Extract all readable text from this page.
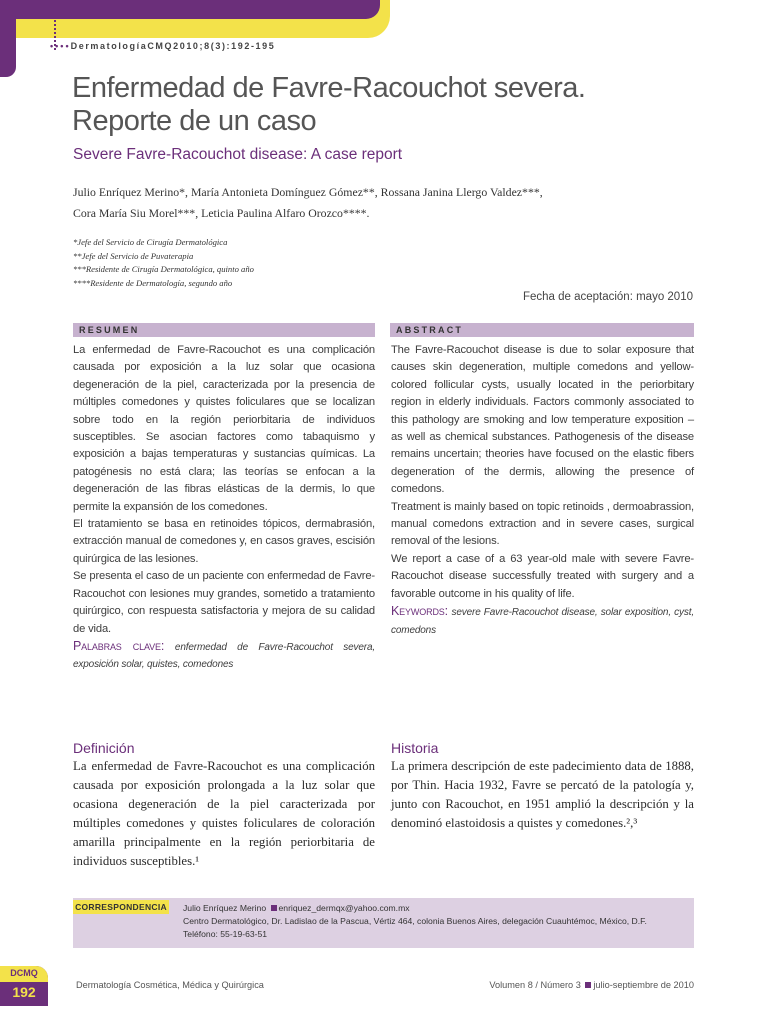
••••DermatologíaCMQ2010;8(3):192-195
Enfermedad de Favre-Racouchot severa.
Reporte de un caso
Severe Favre-Racouchot disease: A case report
Julio Enríquez Merino*, María Antonieta Domínguez Gómez**, Rossana Janina Llergo Valdez***,
Cora María Siu Morel***, Leticia Paulina Alfaro Orozco****.
*Jefe del Servicio de Cirugía Dermatológica
**Jefe del Servicio de Puvaterapia
***Residente de Cirugía Dermatológica, quinto año
****Residente de Dermatología, segundo año
Fecha de aceptación: mayo 2010
RESUMEN

La enfermedad de Favre-Racouchot es una complicación causada por exposición a la luz solar que ocasiona degeneración de la piel, caracterizada por la presencia de múltiples comedones y quistes foliculares que se localizan sobre todo en la región periorbitaria de individuos susceptibles. Se asocian factores como tabaquismo y exposición a bajas temperaturas y sustancias químicas. La patogénesis no está clara; las teorías se enfocan a la degeneración de las fibras elásticas de la dermis, lo que permite la expansión de los comedones.

El tratamiento se basa en retinoides tópicos, dermabrasión, extracción manual de comedones y, en casos graves, escisión quirúrgica de las lesiones.

Se presenta el caso de un paciente con enfermedad de Favre-Racouchot con lesiones muy grandes, sometido a tratamiento quirúrgico, con respuesta satisfactoria y mejora de su calidad de vida.

Palabras clave: enfermedad de Favre-Racouchot severa, exposición solar, quistes, comedones

ABSTRACT

The Favre-Racouchot disease is due to solar exposure that causes skin degeneration, multiple comedons and yellow-colored follicular cysts, usually located in the periorbitary region in elderly individuals. Factors commonly associated to this pathology are smoking and low temperature exposition –as well as chemical substances. Pathogenesis of the disease remains uncertain; theories have focused on the elastic fibers degeneration of the dermis, allowing the presence of comedons.

Treatment is mainly based on topic retinoids , dermoabrassion, manual comedons extraction and in severe cases, surgical removal of the lesions.

We report a case of a 63 year-old male with severe Favre-Racouchot disease successfully treated with surgery and a favorable outcome in his quality of life.

Keywords: severe Favre-Racouchot disease, solar exposition, cyst, comedons

Definición
La enfermedad de Favre-Racouchot es una complicación causada por exposición prolongada a la luz solar que ocasiona degeneración de la piel caracterizada por múltiples comedones y quistes foliculares de coloración amarilla principalmente en la región periorbitaria de individuos susceptibles.¹
Historia
La primera descripción de este padecimiento data de 1888, por Thin. Hacia 1932, Favre se percató de la patología y, junto con Racouchot, en 1951 amplió la descripción y la denominó elastoidosis a quistes y comedones.²,³
CORRESPONDENCIA Julio Enríquez Merino enriquez_dermqx@yahoo.com.mx
Centro Dermatológico, Dr. Ladislao de la Pascua, Vértiz 464, colonia Buenos Aires, delegación Cuauhtémoc, México, D.F.
Teléfono: 55-19-63-51
DCMQ
192	Dermatología Cosmética, Médica y Quirúrgica	Volumen 8 / Número 3 julio-septiembre de 2010
